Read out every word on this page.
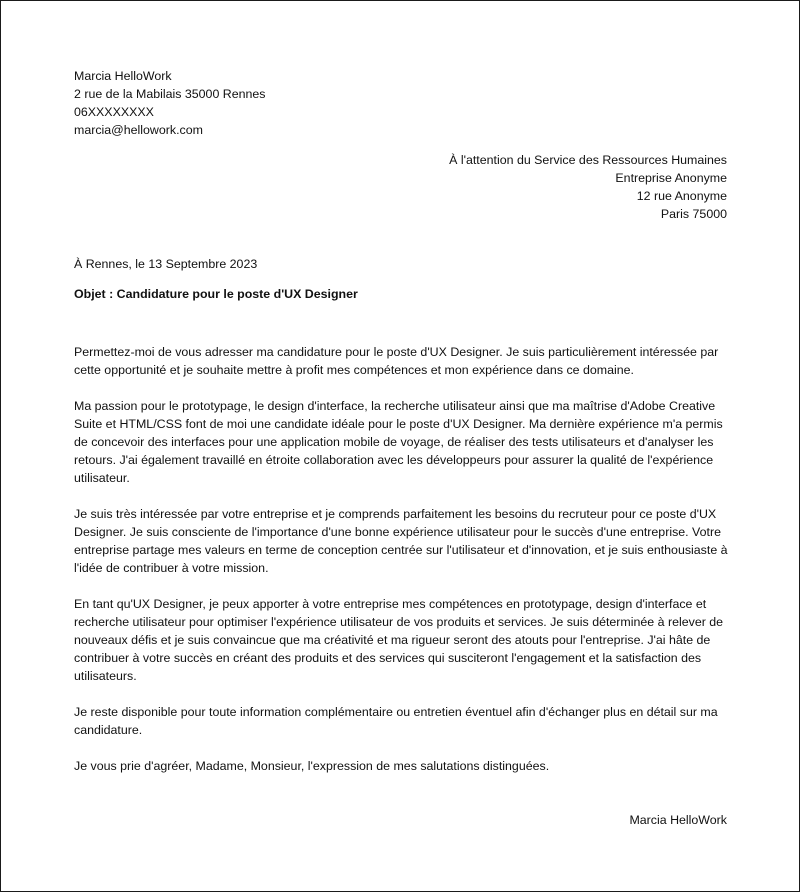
Marcia HelloWork
2 rue de la Mabilais 35000 Rennes
06XXXXXXXX
marcia@hellowork.com
À l'attention du Service des Ressources Humaines
Entreprise Anonyme
12 rue Anonyme
Paris 75000
À Rennes, le 13 Septembre 2023
Objet : Candidature pour le poste d'UX Designer

Permettez-moi de vous adresser ma candidature pour le poste d'UX Designer. Je suis particulièrement intéressée par cette opportunité et je souhaite mettre à profit mes compétences et mon expérience dans ce domaine.

Ma passion pour le prototypage, le design d'interface, la recherche utilisateur ainsi que ma maîtrise d'Adobe Creative Suite et HTML/CSS font de moi une candidate idéale pour le poste d'UX Designer. Ma dernière expérience m'a permis de concevoir des interfaces pour une application mobile de voyage, de réaliser des tests utilisateurs et d'analyser les retours. J'ai également travaillé en étroite collaboration avec les développeurs pour assurer la qualité de l'expérience utilisateur.

Je suis très intéressée par votre entreprise et je comprends parfaitement les besoins du recruteur pour ce poste d'UX Designer. Je suis consciente de l'importance d'une bonne expérience utilisateur pour le succès d'une entreprise. Votre entreprise partage mes valeurs en terme de conception centrée sur l'utilisateur et d'innovation, et je suis enthousiaste à l'idée de contribuer à votre mission.

En tant qu'UX Designer, je peux apporter à votre entreprise mes compétences en prototypage, design d'interface et recherche utilisateur pour optimiser l'expérience utilisateur de vos produits et services. Je suis déterminée à relever de nouveaux défis et je suis convaincue que ma créativité et ma rigueur seront des atouts pour l'entreprise. J'ai hâte de contribuer à votre succès en créant des produits et des services qui susciteront l'engagement et la satisfaction des utilisateurs.

Je reste disponible pour toute information complémentaire ou entretien éventuel afin d'échanger plus en détail sur ma candidature.

Je vous prie d'agréer, Madame, Monsieur, l'expression de mes salutations distinguées.

Marcia HelloWork
